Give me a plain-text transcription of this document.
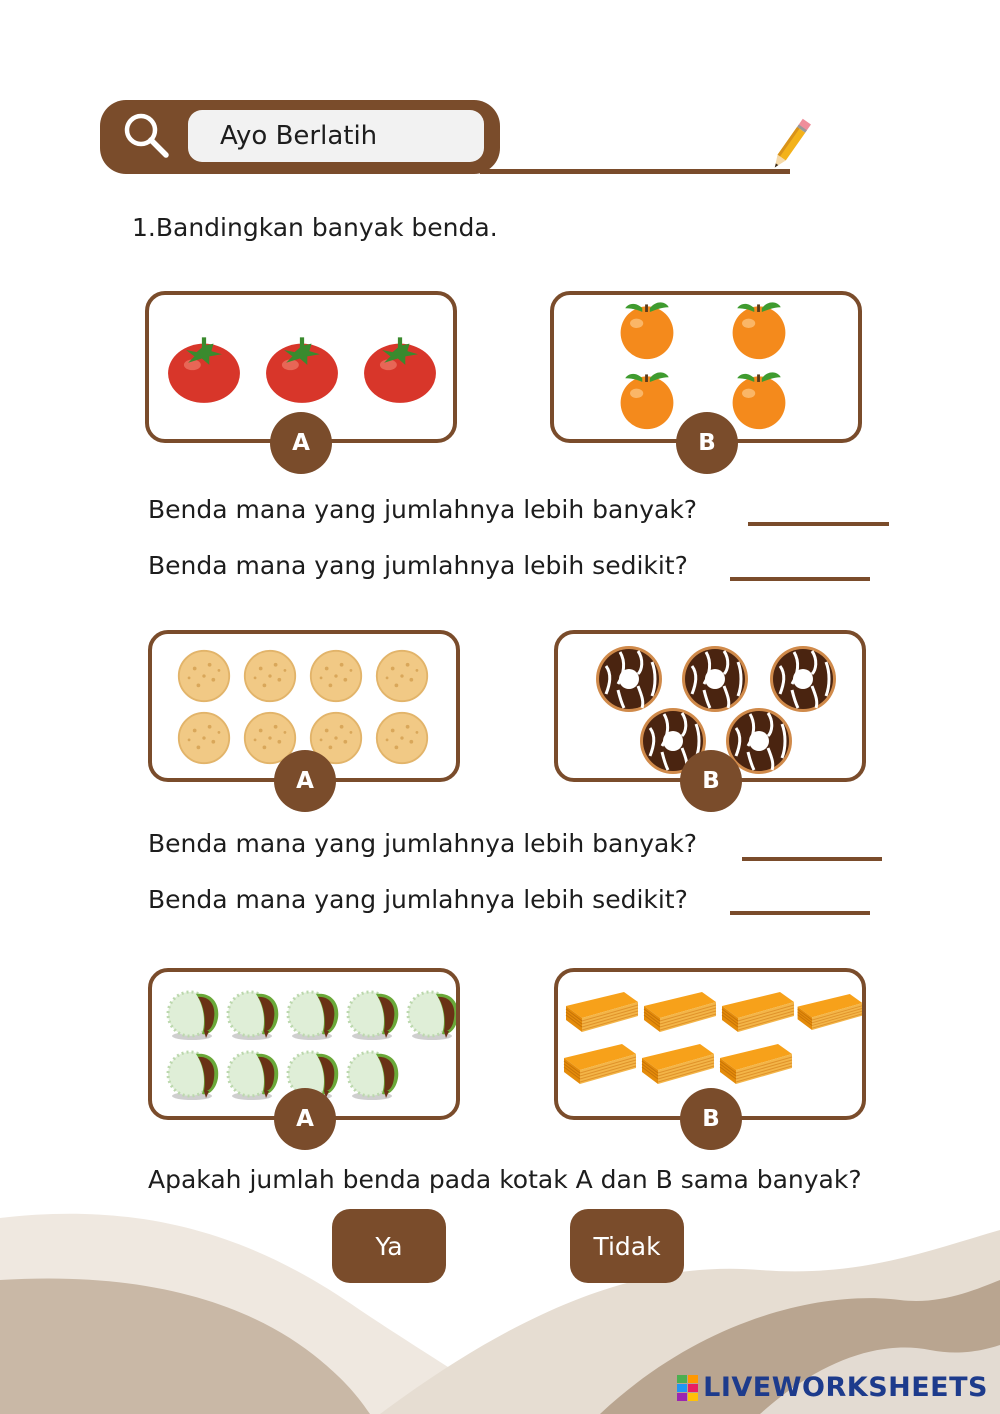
Ayo Berlatih
1.Bandingkan banyak benda.
A	B
Benda mana yang jumlahnya lebih banyak?
Benda mana yang jumlahnya lebih sedikit?
A	B
Benda mana yang jumlahnya lebih banyak?
Benda mana yang jumlahnya lebih sedikit?
A	B
Apakah jumlah benda pada kotak A dan B sama banyak?
Ya	Tidak
LIVEWORKSHEETS
